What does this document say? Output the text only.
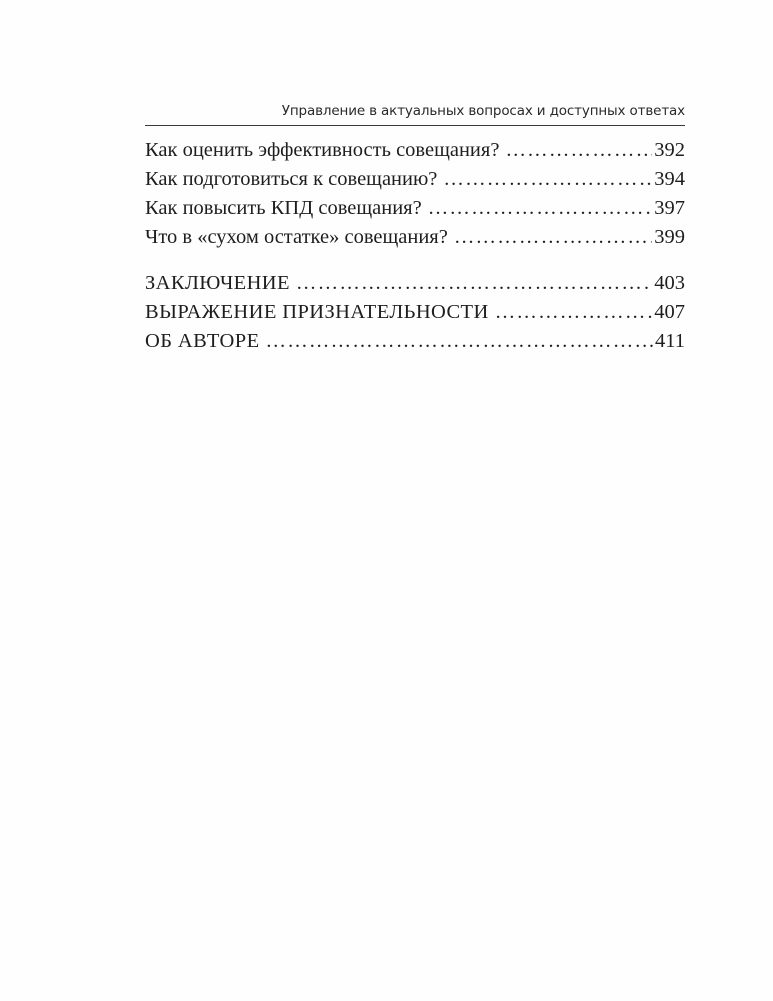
Управление в актуальных вопросах и доступных ответах
Как оценить эффективность совещания? ………………………………………………………………………………………………………………	392
Как подготовиться к совещанию? ………………………………………………………………………………………………………………	394
Как повысить КПД совещания? ………………………………………………………………………………………………………………	397
Что в «сухом остатке» совещания? ………………………………………………………………………………………………………………	399
ЗАКЛЮЧЕНИЕ ………………………………………………………………………………………………………………	403
ВЫРАЖЕНИЕ ПРИЗНАТЕЛЬНОСТИ ………………………………………………………………………………………………………………	407
ОБ АВТОРЕ ………………………………………………………………………………………………………………	411
